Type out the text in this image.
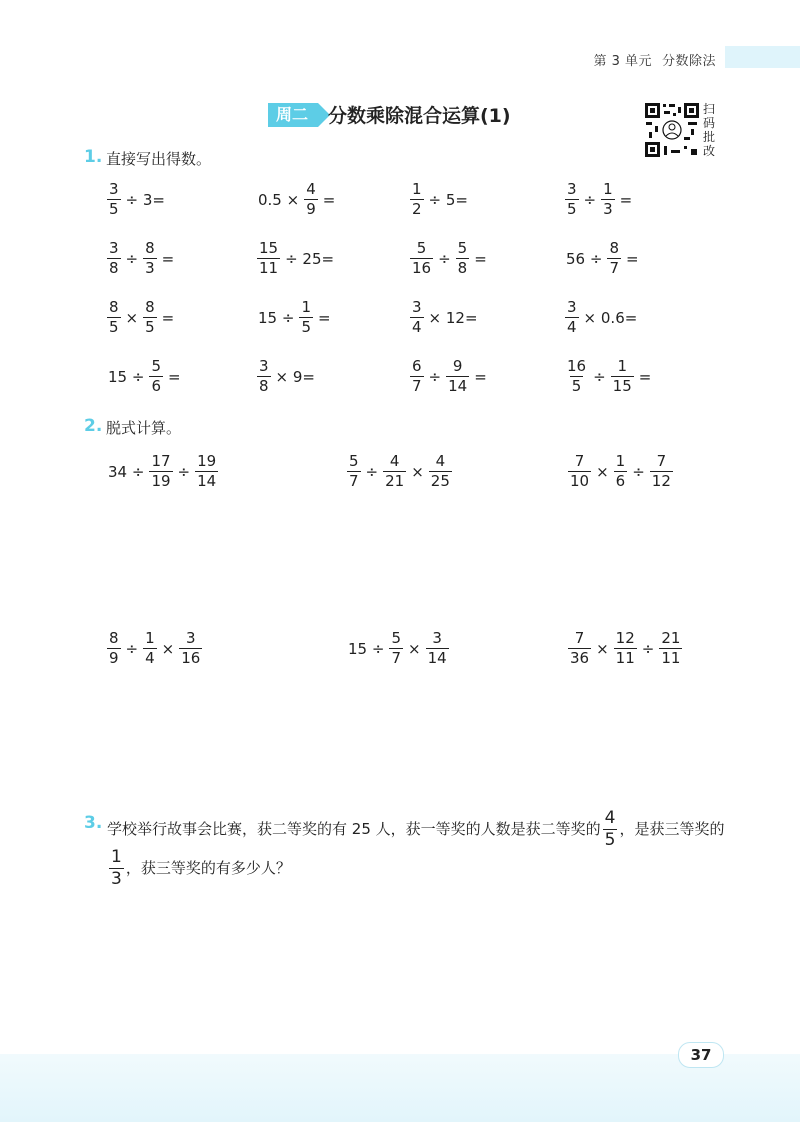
第 3 单元 分数除法
周二	分数乘除混合运算(1)	扫
码
批
改
1. 直接写出得数。
$\frac{3}{5} \div 3=$	$0.5 \times \frac{4}{9}$ =	$\frac{1}{2} \div 5=$	$\frac{3}{5} \div \frac{1}{3}$ =
$\frac{3}{8} \div \frac{8}{3}$ =	$\frac{15}{11} \div 25=$	$\frac{5}{16} \div \frac{5}{8}$ =	$56 \div \frac{8}{7}$ =
$\frac{8}{5} \times \frac{8}{5}$ =	$15 \div \frac{1}{5}$ =	$\frac{3}{4} \times 12=$	$\frac{3}{4} \times 0.6=$
$15 \div \frac{5}{6}$ =	$\frac{3}{8} \times 9=$	$\frac{6}{7} \div \frac{9}{14}$ =	$\frac{16}{5} \div \frac{1}{15}$ =
2. 脱式计算。
$34 \div \frac{17}{19} \div \frac{19}{14}$	$\frac{5}{7} \div \frac{4}{21} \times \frac{4}{25}$	$\frac{7}{10} \times \frac{1}{6} \div \frac{7}{12}$
$\frac{8}{9} \div \frac{1}{4} \times \frac{3}{16}$	$15 \div \frac{5}{7} \times \frac{3}{14}$	$\frac{7}{36} \times \frac{12}{11} \div \frac{21}{11}$
3. 学校举行故事会比赛，获二等奖的有 25 人，获一等奖的人数是获二等奖的 $\frac{4}{5}$ ，是获三等奖的
$\frac{1}{3}$ ，获三等奖的有多少人？
37
